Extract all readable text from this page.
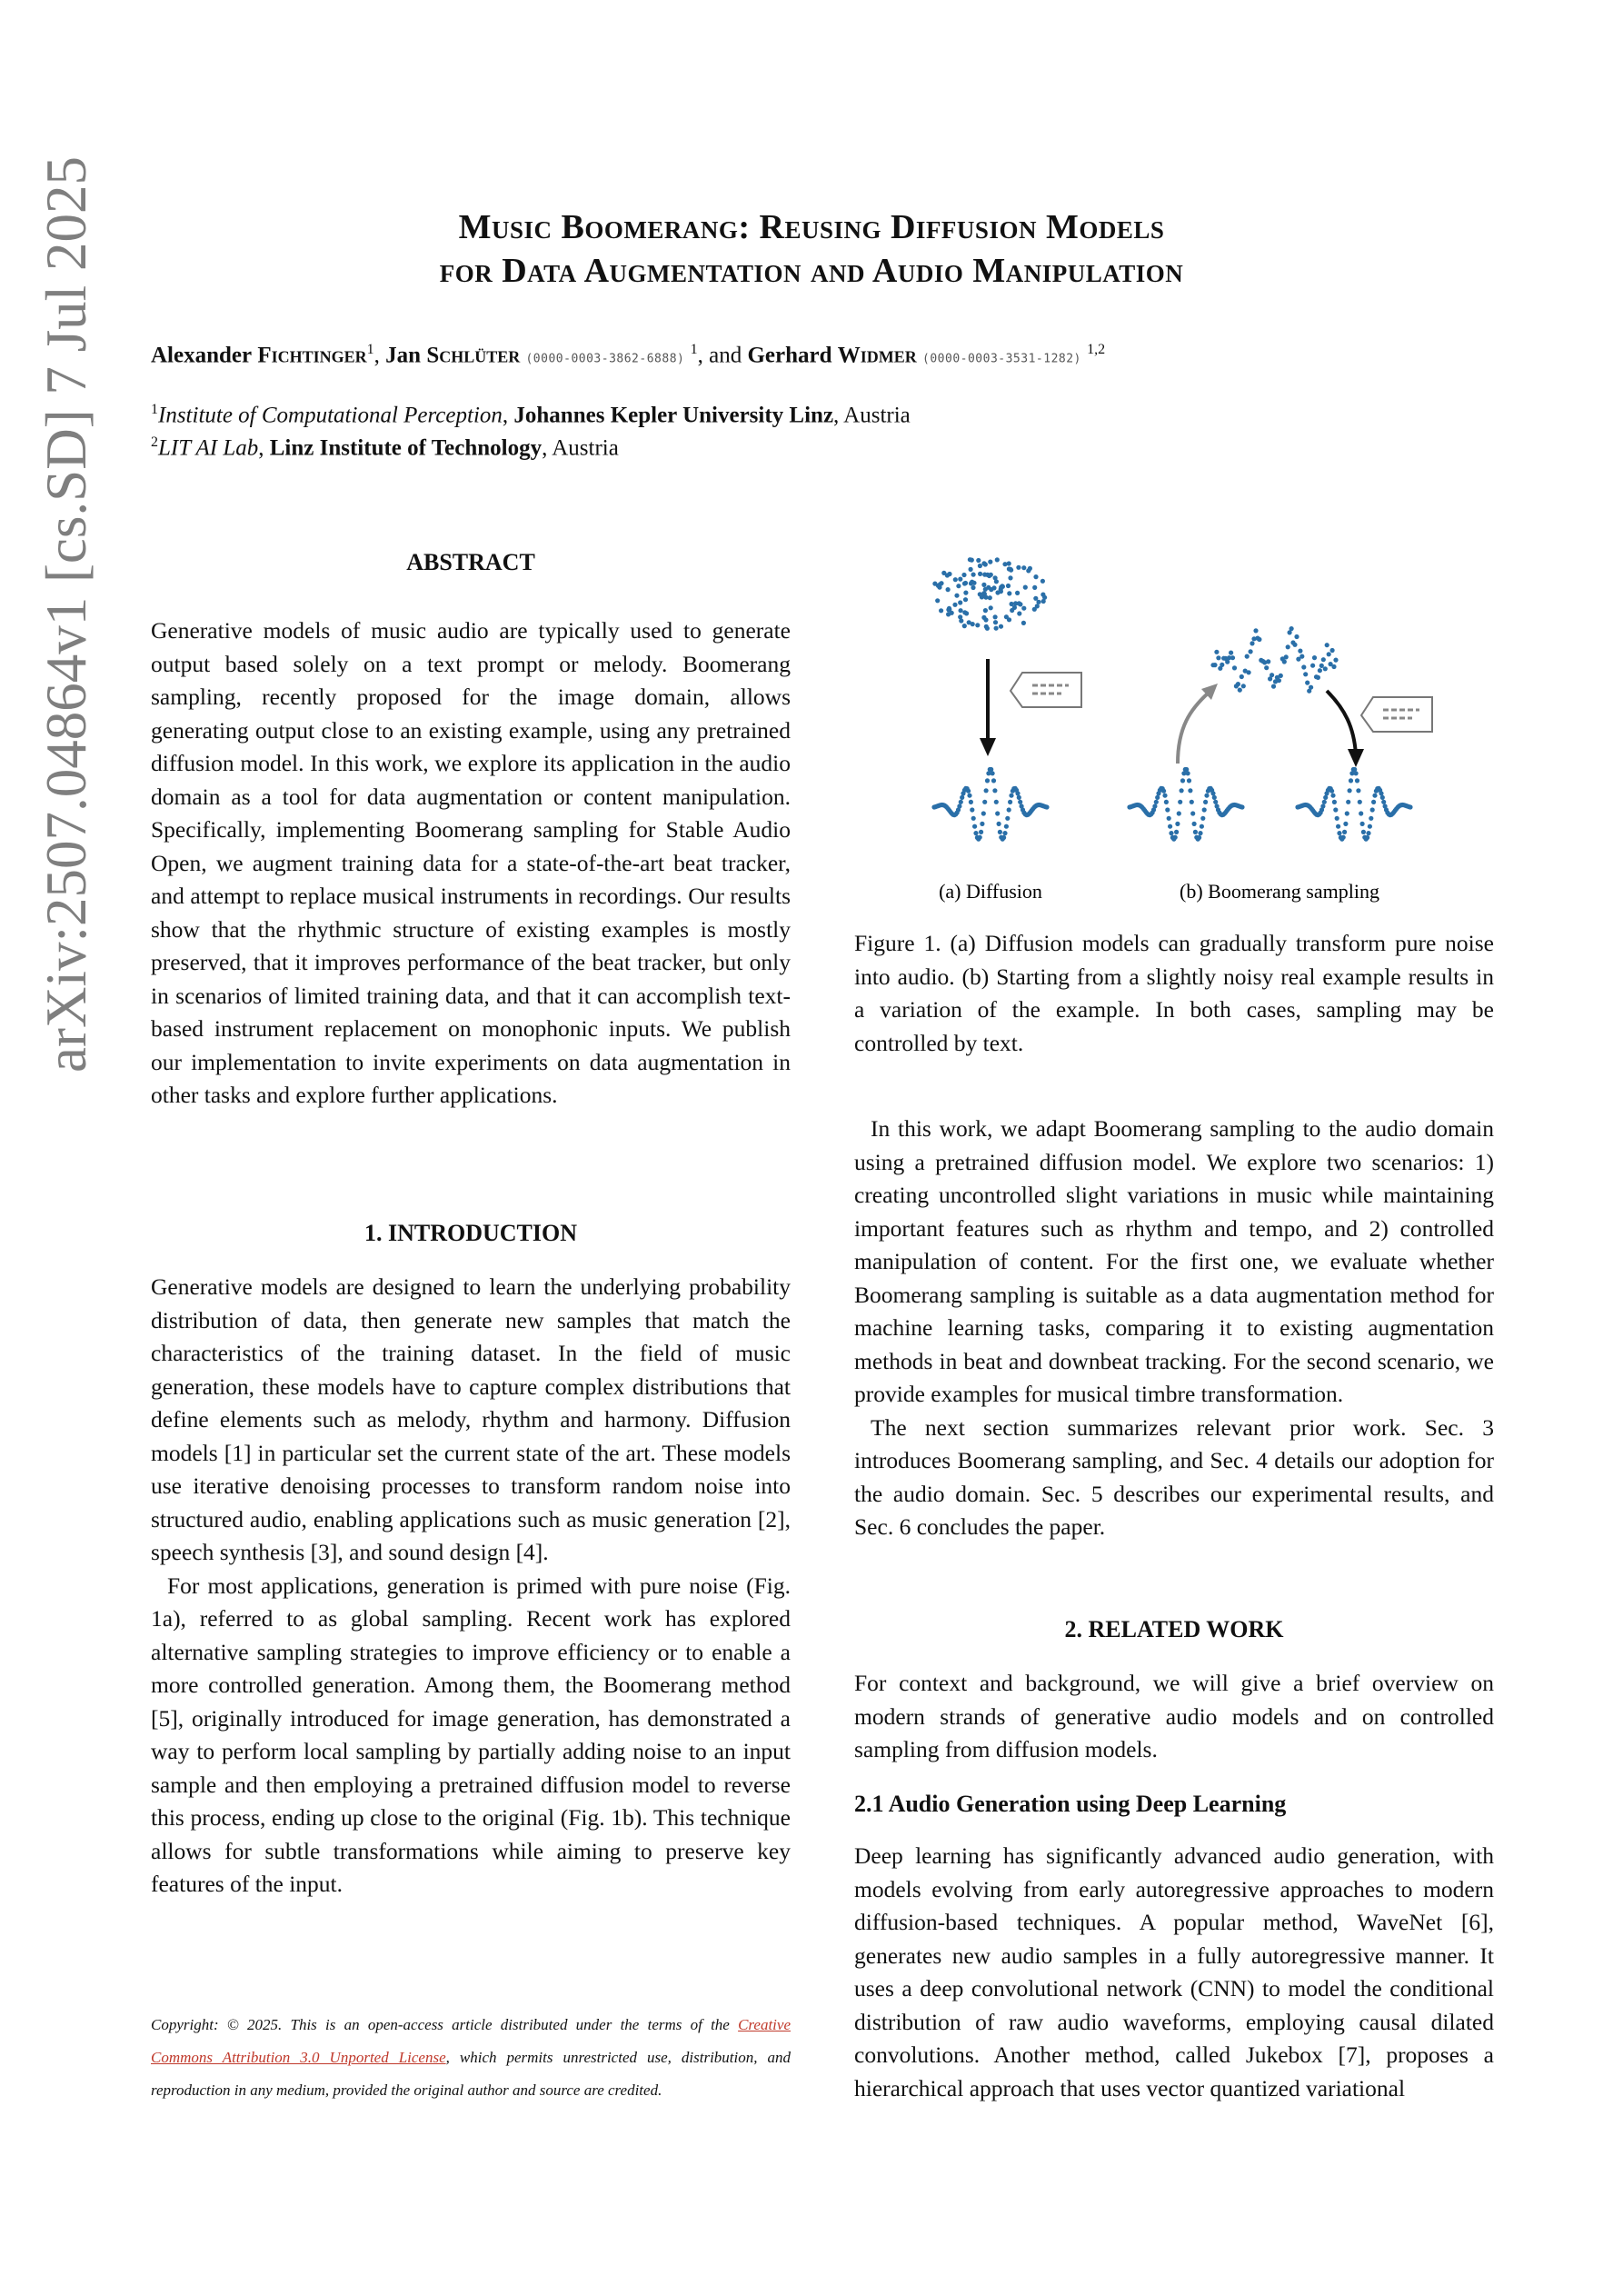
Music Boomerang: Reusing Diffusion Models
for Data Augmentation and Audio Manipulation
Alexander Fichtinger$^1$, Jan Schlüter (0000-0003-3862-6888) $^1$, and Gerhard Widmer (0000-0003-3531-1282) $^{1,2}$
$^1$Institute of Computational Perception, Johannes Kepler University Linz, Austria
$^2$LIT AI Lab, Linz Institute of Technology, Austria
arXiv:2507.04864v1 [cs.SD] 7 Jul 2025	ABSTRACT

Generative models of music audio are typically used to generate output based solely on a text prompt or melody. Boomerang sampling, recently proposed for the image domain, allows generating output close to an existing example, using any pretrained diffusion model. In this work, we explore its application in the audio domain as a tool for data augmentation or content manipulation. Specifically, implementing Boomerang sampling for Stable Audio Open, we augment training data for a state-of-the-art beat tracker, and attempt to replace musical instruments in recordings. Our results show that the rhythmic structure of existing examples is mostly preserved, that it improves performance of the beat tracker, but only in scenarios of limited training data, and that it can accomplish text-based instrument replacement on monophonic inputs. We publish our implementation to invite experiments on data augmentation in other tasks and explore further applications.

1. INTRODUCTION

Generative models are designed to learn the underlying probability distribution of data, then generate new samples that match the characteristics of the training dataset. In the field of music generation, these models have to capture complex distributions that define elements such as melody, rhythm and harmony. Diffusion models [1] in particular set the current state of the art. These models use iterative denoising processes to transform random noise into structured audio, enabling applications such as music generation [2], speech synthesis [3], and sound design [4].

For most applications, generation is primed with pure noise (Fig. 1a), referred to as global sampling. Recent work has explored alternative sampling strategies to improve efficiency or to enable a more controlled generation. Among them, the Boomerang method [5], originally introduced for image generation, has demonstrated a way to perform local sampling by partially adding noise to an input sample and then employing a pretrained diffusion model to reverse this process, ending up close to the original (Fig. 1b). This technique allows for subtle transformations while aiming to preserve key features of the input.

Copyright: © 2025. This is an open-access article distributed under the terms of the Creative Commons Attribution 3.0 Unported License, which permits unrestricted use, distribution, and reproduction in any medium, provided the original author and source are credited.
(a) Diffusion	(b) Boomerang sampling
Figure 1. (a) Diffusion models can gradually transform pure noise into audio. (b) Starting from a slightly noisy real example results in a variation of the example. In both cases, sampling may be controlled by text.

In this work, we adapt Boomerang sampling to the audio domain using a pretrained diffusion model. We explore two scenarios: 1) creating uncontrolled slight variations in music while maintaining important features such as rhythm and tempo, and 2) controlled manipulation of content. For the first one, we evaluate whether Boomerang sampling is suitable as a data augmentation method for machine learning tasks, comparing it to existing augmentation methods in beat and downbeat tracking. For the second scenario, we provide examples for musical timbre transformation.

The next section summarizes relevant prior work. Sec. 3 introduces Boomerang sampling, and Sec. 4 details our adoption for the audio domain. Sec. 5 describes our experimental results, and Sec. 6 concludes the paper.

2. RELATED WORK

For context and background, we will give a brief overview on modern strands of generative audio models and on controlled sampling from diffusion models.

2.1 Audio Generation using Deep Learning

Deep learning has significantly advanced audio generation, with models evolving from early autoregressive approaches to modern diffusion-based techniques. A popular method, WaveNet [6], generates new audio samples in a fully autoregressive manner. It uses a deep convolutional network (CNN) to model the conditional distribution of raw audio waveforms, employing causal dilated convolutions. Another method, called Jukebox [7], proposes a hierarchical approach that uses vector quantized variational
